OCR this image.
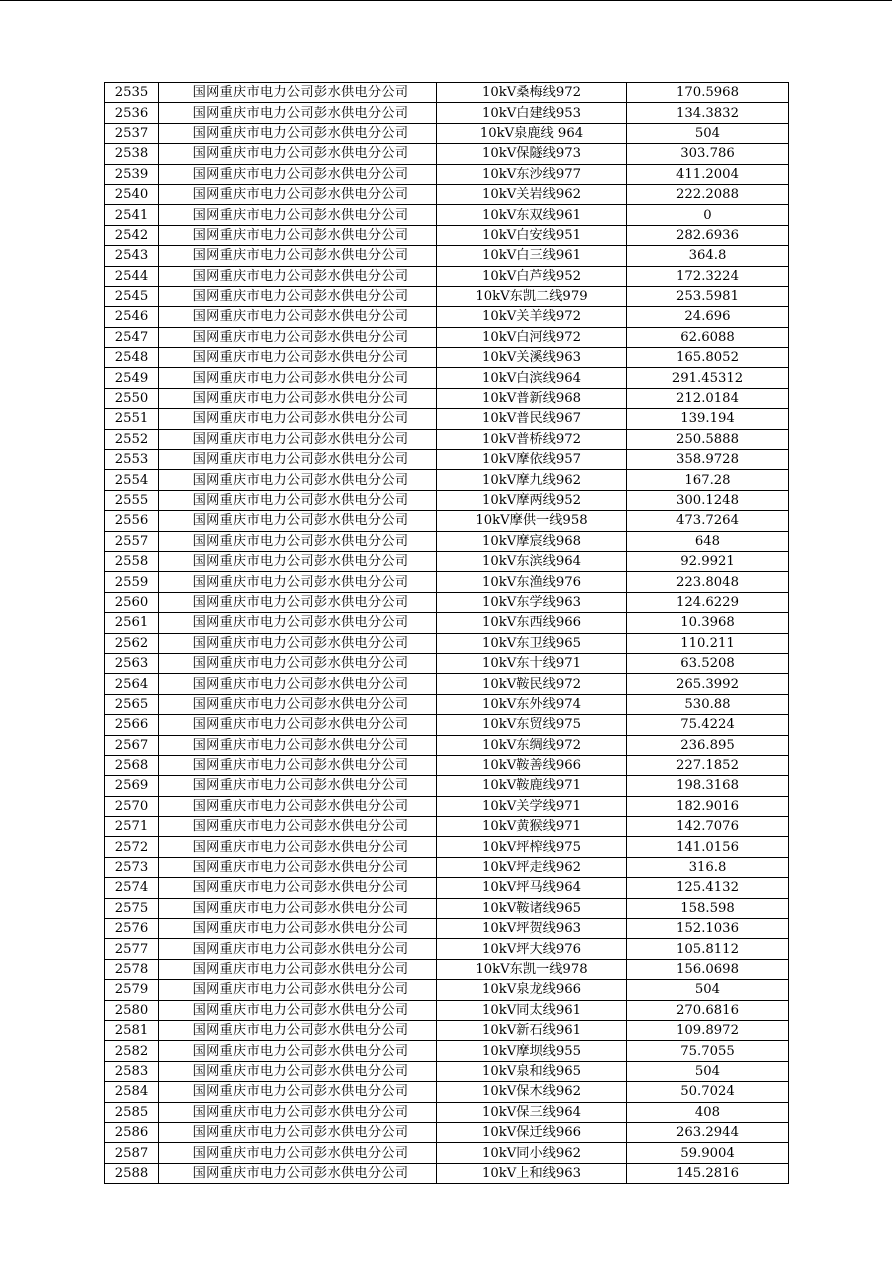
2535	国网重庆市电力公司彭水供电分公司	10kV桑梅线972	170.5968
2536	国网重庆市电力公司彭水供电分公司	10kV白建线953	134.3832
2537	国网重庆市电力公司彭水供电分公司	10kV泉鹿线 964	504
2538	国网重庆市电力公司彭水供电分公司	10kV保隧线973	303.786
2539	国网重庆市电力公司彭水供电分公司	10kV东沙线977	411.2004
2540	国网重庆市电力公司彭水供电分公司	10kV关岩线962	222.2088
2541	国网重庆市电力公司彭水供电分公司	10kV东双线961	0
2542	国网重庆市电力公司彭水供电分公司	10kV白安线951	282.6936
2543	国网重庆市电力公司彭水供电分公司	10kV白三线961	364.8
2544	国网重庆市电力公司彭水供电分公司	10kV白芦线952	172.3224
2545	国网重庆市电力公司彭水供电分公司	10kV东凯二线979	253.5981
2546	国网重庆市电力公司彭水供电分公司	10kV关羊线972	24.696
2547	国网重庆市电力公司彭水供电分公司	10kV白河线972	62.6088
2548	国网重庆市电力公司彭水供电分公司	10kV关溪线963	165.8052
2549	国网重庆市电力公司彭水供电分公司	10kV白滨线964	291.45312
2550	国网重庆市电力公司彭水供电分公司	10kV普新线968	212.0184
2551	国网重庆市电力公司彭水供电分公司	10kV普民线967	139.194
2552	国网重庆市电力公司彭水供电分公司	10kV普桥线972	250.5888
2553	国网重庆市电力公司彭水供电分公司	10kV摩依线957	358.9728
2554	国网重庆市电力公司彭水供电分公司	10kV摩九线962	167.28
2555	国网重庆市电力公司彭水供电分公司	10kV摩两线952	300.1248
2556	国网重庆市电力公司彭水供电分公司	10kV摩供一线958	473.7264
2557	国网重庆市电力公司彭水供电分公司	10kV摩宸线968	648
2558	国网重庆市电力公司彭水供电分公司	10kV东滨线964	92.9921
2559	国网重庆市电力公司彭水供电分公司	10kV东渔线976	223.8048
2560	国网重庆市电力公司彭水供电分公司	10kV东学线963	124.6229
2561	国网重庆市电力公司彭水供电分公司	10kV东西线966	10.3968
2562	国网重庆市电力公司彭水供电分公司	10kV东卫线965	110.211
2563	国网重庆市电力公司彭水供电分公司	10kV东十线971	63.5208
2564	国网重庆市电力公司彭水供电分公司	10kV鞍民线972	265.3992
2565	国网重庆市电力公司彭水供电分公司	10kV东外线974	530.88
2566	国网重庆市电力公司彭水供电分公司	10kV东贸线975	75.4224
2567	国网重庆市电力公司彭水供电分公司	10kV东绸线972	236.895
2568	国网重庆市电力公司彭水供电分公司	10kV鞍善线966	227.1852
2569	国网重庆市电力公司彭水供电分公司	10kV鞍鹿线971	198.3168
2570	国网重庆市电力公司彭水供电分公司	10kV关学线971	182.9016
2571	国网重庆市电力公司彭水供电分公司	10kV黄猴线971	142.7076
2572	国网重庆市电力公司彭水供电分公司	10kV坪榨线975	141.0156
2573	国网重庆市电力公司彭水供电分公司	10kV坪走线962	316.8
2574	国网重庆市电力公司彭水供电分公司	10kV坪马线964	125.4132
2575	国网重庆市电力公司彭水供电分公司	10kV鞍诸线965	158.598
2576	国网重庆市电力公司彭水供电分公司	10kV坪贺线963	152.1036
2577	国网重庆市电力公司彭水供电分公司	10kV坪大线976	105.8112
2578	国网重庆市电力公司彭水供电分公司	10kV东凯一线978	156.0698
2579	国网重庆市电力公司彭水供电分公司	10kV泉龙线966	504
2580	国网重庆市电力公司彭水供电分公司	10kV同太线961	270.6816
2581	国网重庆市电力公司彭水供电分公司	10kV新石线961	109.8972
2582	国网重庆市电力公司彭水供电分公司	10kV摩坝线955	75.7055
2583	国网重庆市电力公司彭水供电分公司	10kV泉和线965	504
2584	国网重庆市电力公司彭水供电分公司	10kV保木线962	50.7024
2585	国网重庆市电力公司彭水供电分公司	10kV保三线964	408
2586	国网重庆市电力公司彭水供电分公司	10kV保迁线966	263.2944
2587	国网重庆市电力公司彭水供电分公司	10kV同小线962	59.9004
2588	国网重庆市电力公司彭水供电分公司	10kV上和线963	145.2816
